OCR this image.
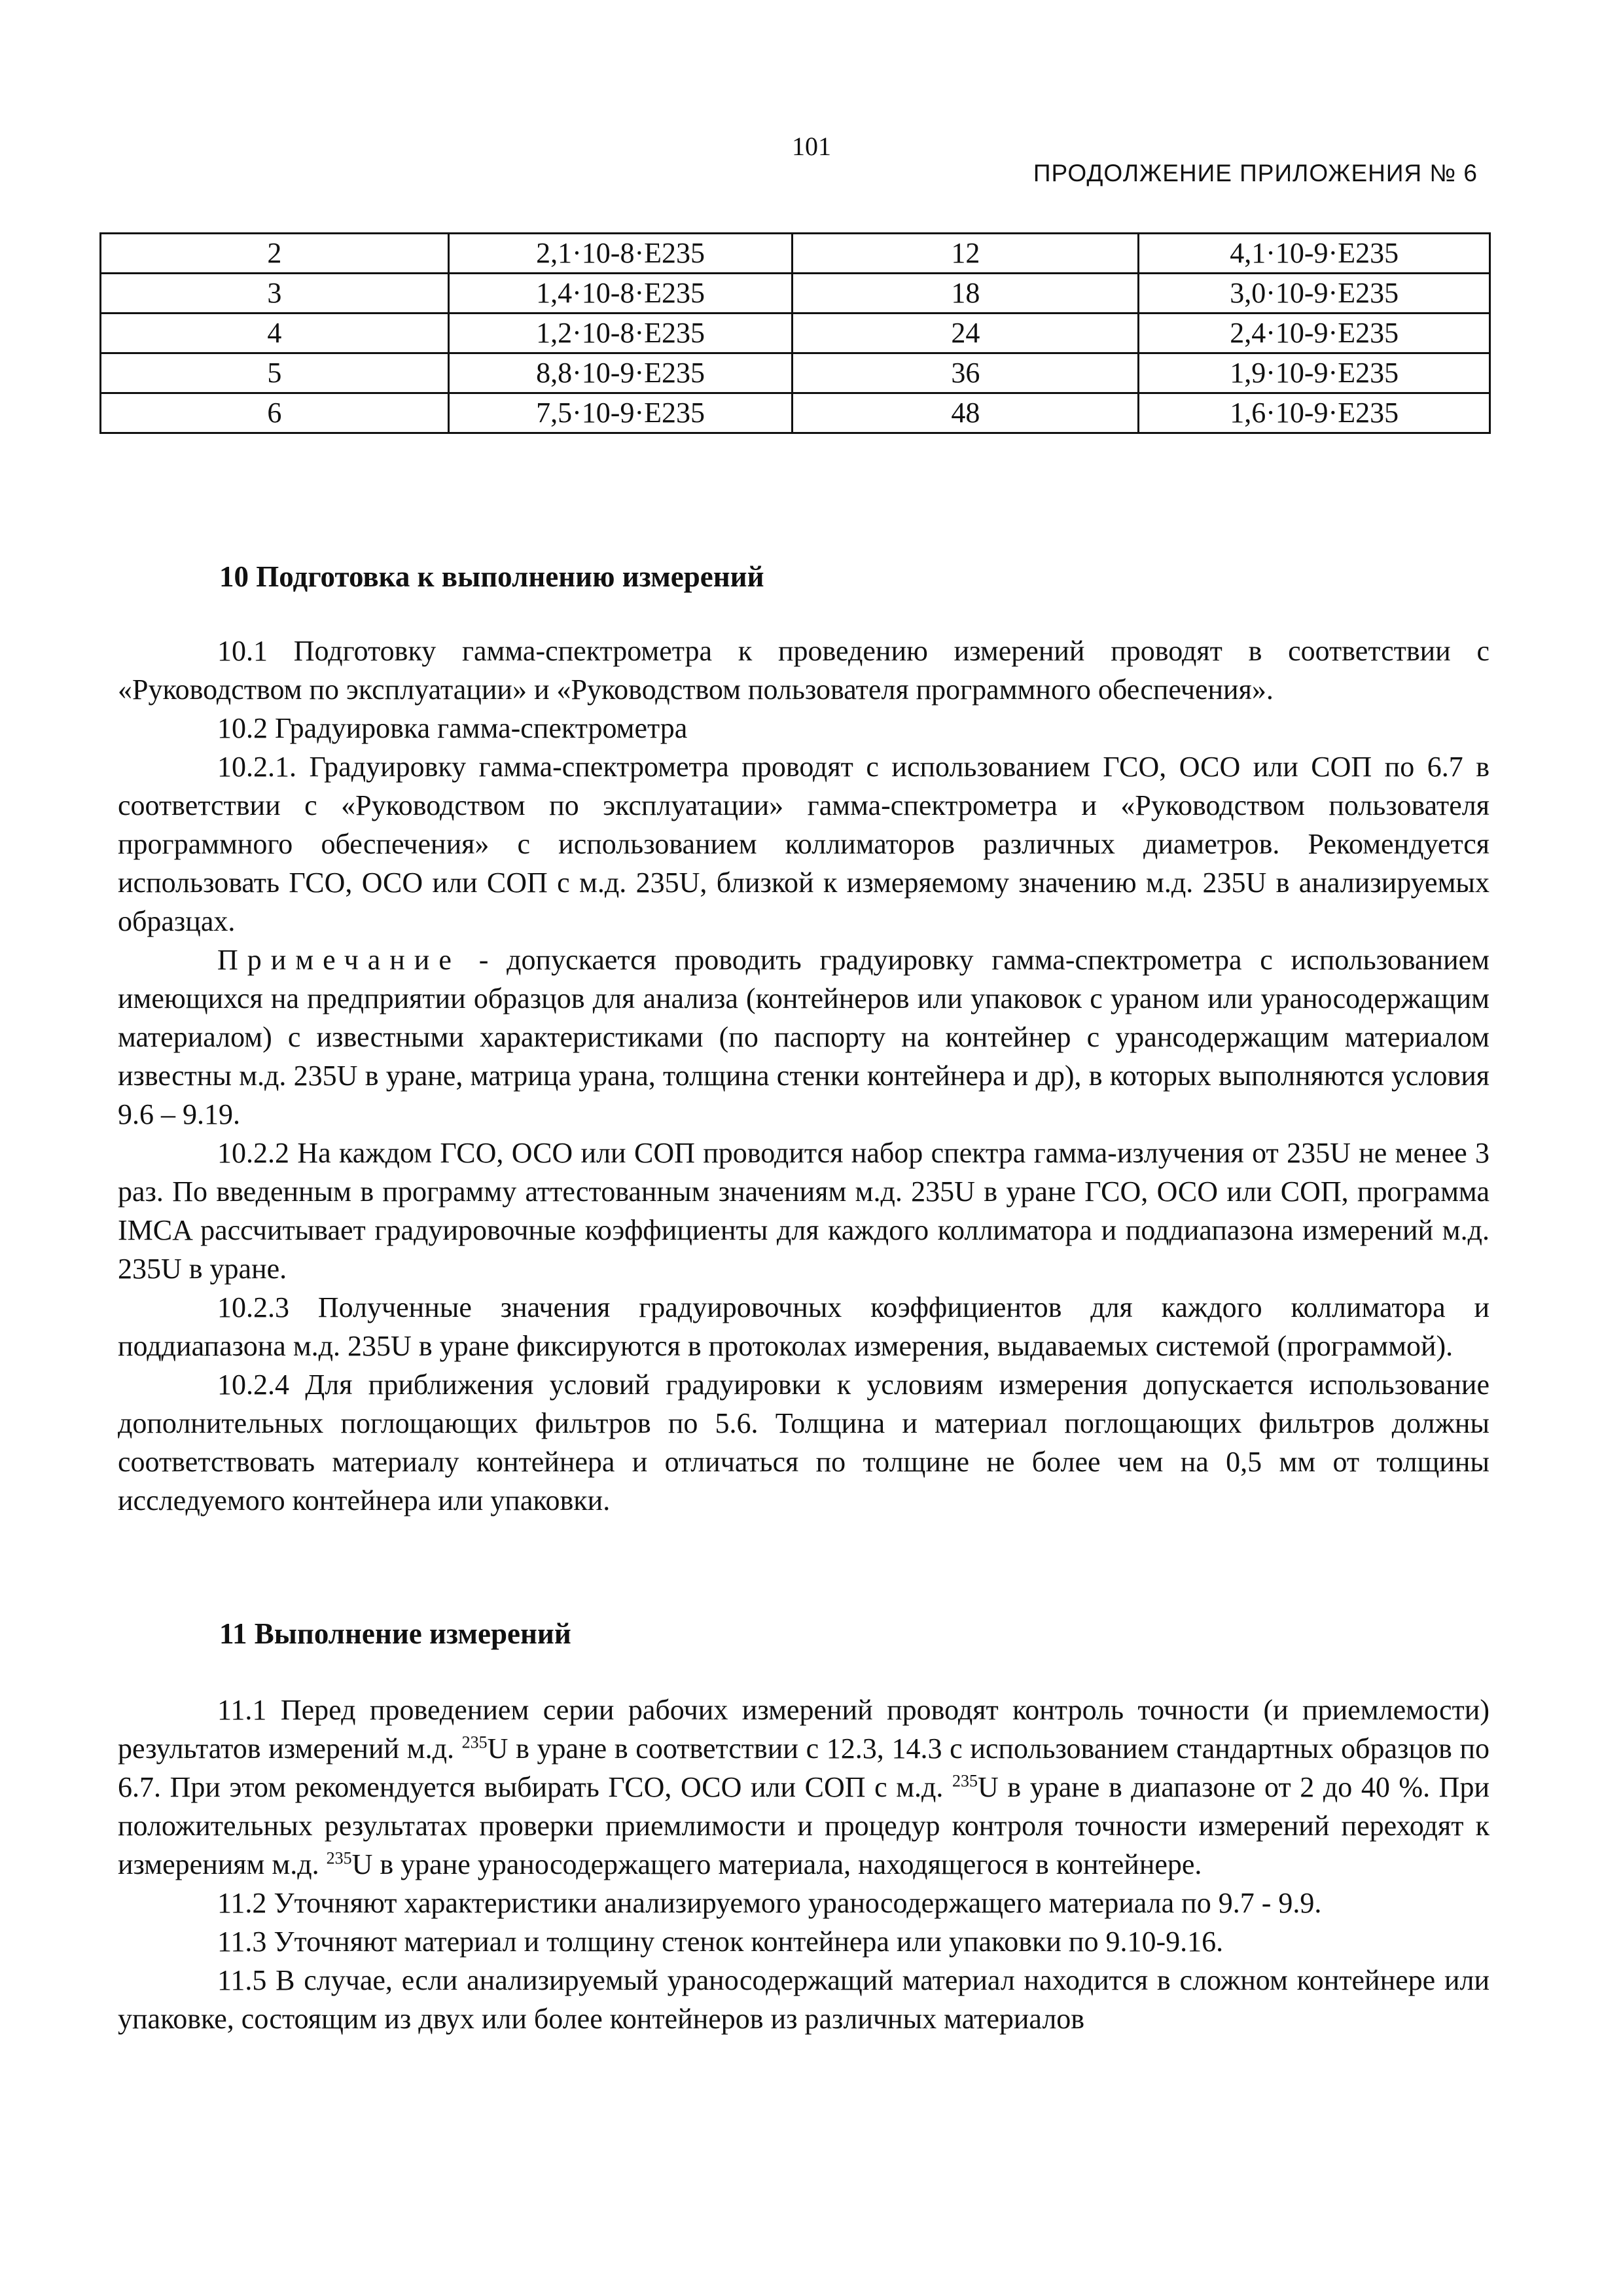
101
ПРОДОЛЖЕНИЕ ПРИЛОЖЕНИЯ № 6
2	2,1·10-8·E235	12	4,1·10-9·E235
3	1,4·10-8·E235	18	3,0·10-9·E235
4	1,2·10-8·E235	24	2,4·10-9·E235
5	8,8·10-9·E235	36	1,9·10-9·E235
6	7,5·10-9·E235	48	1,6·10-9·E235
10 Подготовка к выполнению измерений
10.1 Подготовку гамма-спектрометра к проведению измерений проводят в соответствии с «Руководством по эксплуатации» и «Руководством пользователя программного обеспечения».
10.2 Градуировка гамма-спектрометра
10.2.1. Градуировку гамма-спектрометра проводят с использованием ГСО, ОСО или СОП по 6.7 в соответствии с «Руководством по эксплуатации» гамма-спектрометра и «Руководством пользователя программного обеспечения» с использованием коллиматоров различных диаметров. Рекомендуется использовать ГСО, ОСО или СОП с м.д. 235U, близкой к измеряемому значению м.д. 235U в анализируемых образцах.
Примечание - допускается проводить градуировку гамма-спектрометра с использованием имеющихся на предприятии образцов для анализа (контейнеров или упаковок с ураном или ураносодержащим материалом) с известными характеристиками (по паспорту на контейнер с урансодержащим материалом известны м.д. 235U в уране, матрица урана, толщина стенки контейнера и др), в которых выполняются условия 9.6 – 9.19.
10.2.2 На каждом ГСО, ОСО или СОП проводится набор спектра гамма-излучения от 235U не менее 3 раз. По введенным в программу аттестованным значениям м.д. 235U в уране ГСО, ОСО или СОП, программа IMCA рассчитывает градуировочные коэффициенты для каждого коллиматора и поддиапазона измерений м.д. 235U в уране.
10.2.3 Полученные значения градуировочных коэффициентов для каждого коллиматора и поддиапазона м.д. 235U в уране фиксируются в протоколах измерения, выдаваемых системой (программой).
10.2.4 Для приближения условий градуировки к условиям измерения допускается использование дополнительных поглощающих фильтров по 5.6. Толщина и материал поглощающих фильтров должны соответствовать материалу контейнера и отличаться по толщине не более чем на 0,5 мм от толщины исследуемого контейнера или упаковки.
11 Выполнение измерений
11.1 Перед проведением серии рабочих измерений проводят контроль точности (и приемлемости) результатов измерений м.д. $^{235}$U в уране в соответствии с 12.3, 14.3 с использованием стандартных образцов по 6.7. При этом рекомендуется выбирать ГСО, ОСО или СОП с м.д. $^{235}$U в уране в диапазоне от 2 до 40 %. При положительных результатах проверки приемлимости и процедур контроля точности измерений переходят к измерениям м.д. $^{235}$U в уране ураносодержащего материала, находящегося в контейнере.
11.2 Уточняют характеристики анализируемого ураносодержащего материала по 9.7 - 9.9.
11.3 Уточняют материал и толщину стенок контейнера или упаковки по 9.10-9.16.
11.5 В случае, если анализируемый ураносодержащий материал находится в сложном контейнере или упаковке, состоящим из двух или более контейнеров из различных материалов
